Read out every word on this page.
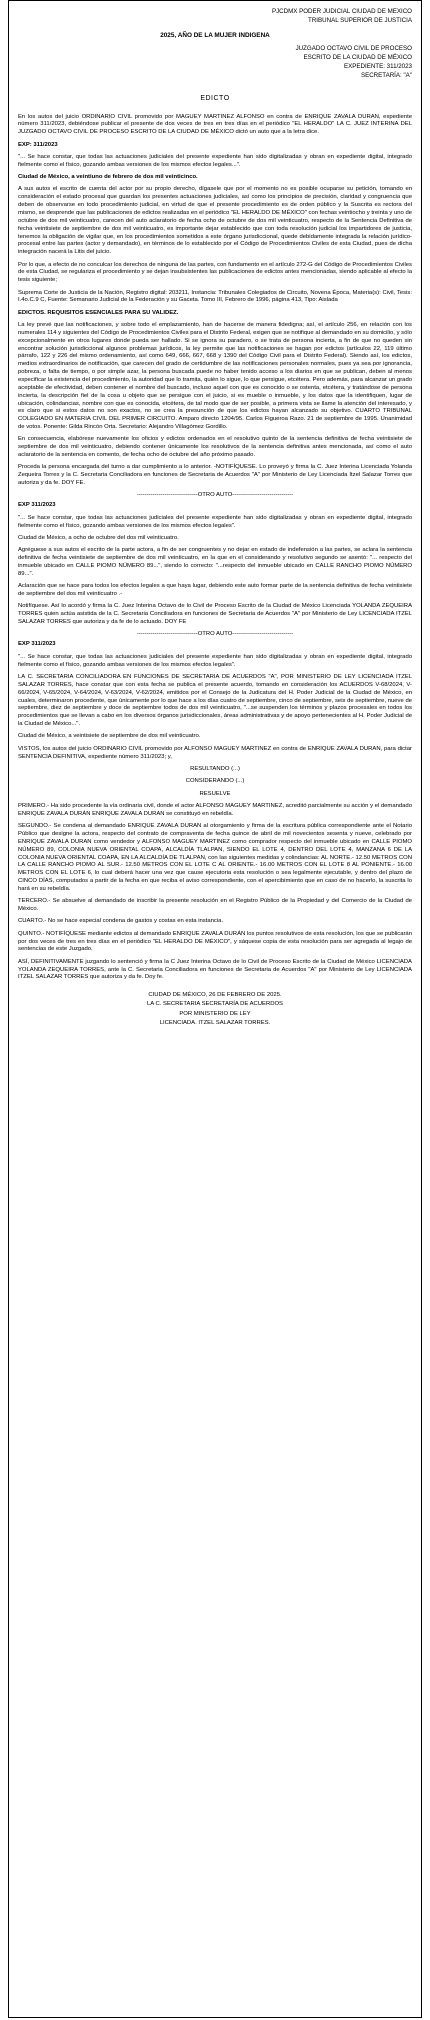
PJCDMX PODER JUDICIAL CIUDAD DE MEXICO
TRIBUNAL SUPERIOR DE JUSTICIA
2025, AÑO DE LA MUJER INDIGENA
JUZGADO OCTAVO CIVIL DE PROCESO
ESCRITO DE LA CIUDAD DE MÉXICO
EXPEDIENTE: 311/2023
SECRETARÍA: "A"
EDICTO

En los autos del juicio ORDINARIO CIVIL promovido por MAGUEY MARTINEZ ALFONSO en contra de ENRIQUE ZAVALA DURAN, expediente número 311/2023, debiéndose publicar el presente de dos veces de tres en tres días en el periódico "EL HERALDO" LA C. JUEZ INTERINA DEL JUZGADO OCTAVO CIVIL DE PROCESO ESCRITO DE LA CIUDAD DE MÉXICO dictó un auto que a la letra dice.

EXP: 311/2023

"... Se hace constar, que todas las actuaciones judiciales del presente expediente han sido digitalizadas y obran en expediente digital, integrado fielmente como el físico, gozando ambas versiones de los mismos efectos legales...".

Ciudad de México, a veintiuno de febrero de dos mil veinticinco.

A sus autos el escrito de cuenta del actor por su propio derecho, dígasele que por el momento no es posible ocuparse su petición, tomando en consideración el estado procesal que guardan los presentes actuaciones judiciales, así como los principios de precisión, claridad y congruencia que deben de observarse en todo procedimiento judicial, en virtud de que el presente procedimiento es de orden público y la Suscrita es rectora del mismo, se desprende que las publicaciones de edictos realizadas en el periódico "EL HERALDO DE MÉXICO" con fechas veintiocho y treinta y uno de octubre de dos mil veinticuatro, carecen del auto aclaratorio de fecha ocho de octubre de dos mil veinticuatro, respecto de la Sentencia Definitiva de fecha veintisiete de septiembre de dos mil veinticuatro, es importante dejar establecido que con toda resolución judicial los impartidores de justicia, tenemos la obligación de vigilar que, en los procedimientos sometidos a este órgano jurisdiccional, quede debidamente integrada la relación jurídico-procesal entre las partes (actor y demandado), en términos de lo establecido por el Código de Procedimientos Civiles de esta Ciudad, pues de dicha integración nacerá la Litis del juicio.

Por lo que, a efecto de no conculcar los derechos de ninguna de las partes, con fundamento en el artículo 272-G del Código de Procedimientos Civiles de esta Ciudad, se regulariza el procedimiento y se dejan insubsistentes las publicaciones de edictos antes mencionadas, siendo aplicable al efecto la tesis siguiente;

Suprema Corte de Justicia de la Nación, Registro digital: 203211, Instancia: Tribunales Colegiados de Circuito, Novena Época, Materia(s): Civil, Tesis: I.4o.C.9 C, Fuente: Semanario Judicial de la Federación y su Gaceta. Tomo III, Febrero de 1996, página 413, Tipo: Aislada

EDICTOS. REQUISITOS ESENCIALES PARA SU VALIDEZ.

La ley prevé que las notificaciones, y sobre todo el emplazamiento, han de hacerse de manera fidedigna; así, el artículo 256, en relación con los numerales 114 y siguientes del Código de Procedimientos Civiles para el Distrito Federal, exigen que se notifique al demandado en su domicilio, y sólo excepcionalmente en otros lugares donde pueda ser hallado. Si se ignora su paradero, o se trata de persona incierta, a fin de que no queden sin encontrar solución jurisdiccional algunos problemas jurídicos, la ley permite que las notificaciones se hagan por edictos (artículos 22, 119 último párrafo, 122 y 226 del mismo ordenamiento, así como 649, 666, 667, 668 y 1390 del Código Civil para el Distrito Federal). Siendo así, los edictos, medios extraordinarios de notificación, que carecen del grado de certidumbre de las notificaciones personales normales, pues ya sea por ignorancia, pobreza, o falta de tiempo, o por simple azar, la persona buscada puede no haber tenido acceso a los diarios en que se publican, deben al menos especificar la existencia del procedimiento, la autoridad que lo tramita, quién lo sigue, lo que persigue, etcétera. Pero además, para alcanzar un grado aceptable de efectividad, deben contener el nombre del buscado, incluso aquel con que es conocido o se ostenta, etcétera, y tratándose de persona incierta, la descripción fiel de la cosa u objeto que se persigue con el juicio, si es mueble o inmueble, y los datos que la identifiquen, lugar de ubicación, colindancias, nombre con que es conocida, etcétera, de tal modo que de ser posible, a primera vista se llame la atención del interesado, y es claro que si estos datos no son exactos, no se crea la presunción de que los edictos hayan alcanzado su objetivo. CUARTO TRIBUNAL COLEGIADO EN MATERIA CIVIL DEL PRIMER CIRCUITO. Amparo directo 1204/95. Carlos Figueroa Razo. 21 de septiembre de 1995. Unanimidad de votos. Ponente: Gilda Rincón Orta. Secretario: Alejandro Villagómez Gordillo.

En consecuencia, elabórese nuevamente los oficios y edictos ordenados en el resolutivo quinto de la sentencia definitiva de fecha veintisiete de septiembre de dos mil veinticuatro, debiendo contener únicamente los resolutivos de la sentencia definitiva antes mencionada, así como el auto aclaratorio de la sentencia en comento, de fecha ocho de octubre del año próximo pasado.

Proceda la persona encargada del turno a dar cumplimiento a lo anterior. -NOTIFÍQUESE. Lo proveyó y firma la C. Juez Interina Licenciada Yolanda Zequeira Torres y la C. Secretaria Conciliadora en funciones de Secretaria de Acuerdos "A" por Ministerio de Ley Licenciada Itzel Salazar Torres que autoriza y da fe. DOY FE.

-------------------------------OTRO AUTO-------------------------------

EXP 311/2023

"... Se hace constar, que todas las actuaciones judiciales del presente expediente han sido digitalizadas y obran en expediente digital, integrado fielmente como el físico, gozando ambas versiones de los mismos efectos legales".

Ciudad de México, a ocho de octubre del dos mil veinticuatro.

Agréguese a sus autos el escrito de la parte actora, a fin de ser congruentes y no dejar en estado de indefensión a las partes, se aclara la sentencia definitiva de fecha veintisiete de septiembre de dos mil veinticuatro, en la que en el considerando y resolutivo segundo se asentó: "... respecto del inmueble ubicado en CALLE PIOMO NÚMERO 89...", siendo lo correcto: "...respecto del inmueble ubicado en CALLE RANCHO PIOMO NÚMERO 89...".

Aclaración que se hace para todos los efectos legales a que haya lugar, debiendo este auto formar parte de la sentencia definitiva de fecha veintisiete de septiembre del dos mil veinticuatro .-

Notifíquese. Así lo acordó y firma la C. Juez Interina Octavo de lo Civil de Proceso Escrito de la Ciudad de México Licenciada YOLANDA ZEQUEIRA TORRES quien actúa asistida de la C. Secretaria Conciliadora en funciones de Secretaria de Acuerdos "A" por Ministerio de Ley LICENCIADA ITZEL SALAZAR TORRES que autoriza y da fe de lo actuado. DOY FE

-------------------------------OTRO AUTO-------------------------------

EXP 311/2023

"... Se hace constar, que todas las actuaciones judiciales del presente expediente han sido digitalizadas y obran en expediente digital, integrado fielmente como el físico, gozando ambas versiones de los mismos efectos legales".

LA C. SECRETARIA CONCILIADORA EN FUNCIONES DE SECRETARIA DE ACUERDOS "A", POR MINISTERIO DE LEY LICENCIADA ITZEL SALAZAR TORRES, hace constar que con esta fecha se publica el presente acuerdo, tomando en consideración los ACUERDOS V-68/2024, V-66/2024, V-65/2024, V-64/2024, V-63/2024, V-62/2024, emitidos por el Consejo de la Judicatura del H. Poder Judicial de la Ciudad de México, en cuales, determinaron procedente, que únicamente por lo que hace a los días cuatro de septiembre, cinco de septiembre, seis de septiembre, nueve de septiembre, diez de septiembre y doce de septiembre todos de dos mil veinticuatro, "...se suspenden los términos y plazos procesales en todos los procedimientos que se llevan a cabo en los diversos órganos jurisdiccionales, áreas administrativas y de apoyo pertenecientes al H. Poder Judicial de la Ciudad de México...".

Ciudad de México, a veintisiete de septiembre de dos mil veinticuatro.

VISTOS, los autos del juicio ORDINARIO CIVIL promovido por ALFONSO MAGUEY MARTINEZ en contra de ENRIQUE ZAVALA DURAN, para dictar SENTENCIA DEFINITIVA, expediente número 311/2023; y,

RESULTANDO (...)

CONSIDERANDO (...)

RESUELVE

PRIMERO.- Ha sido procedente la vía ordinaria civil, donde el actor ALFONSO MAGUEY MARTINEZ, acreditó parcialmente su acción y el demandado ENRIQUE ZAVALA DURÁN ENRIQUE ZAVALA DURAN se constituyó en rebeldía.

SEGUNDO.- Se condena al demandado ENRIQUE ZAVALA DURAN al otorgamiento y firma de la escritura pública correspondiente ante el Notario Público que designe la actora, respecto del contrato de compraventa de fecha quince de abril de mil novecientos sesenta y nueve, celebrado por ENRIQUE ZAVALA DURAN como vendedor y ALFONSO MAGUEY MARTINEZ como comprador respecto del inmueble ubicado en CALLE PIOMO NÚMERO 89, COLONIA NUEVA ORIENTAL COAPA, ALCALDÍA TLALPAN, SIENDO EL LOTE 4, DENTRO DEL LOTE 4, MANZANA 6 DE LA COLONIA NUEVA ORIENTAL COAPA, EN LA ALCALDÍA DE TLALPAN, con las siguientes medidas y colindancias: AL NORTE.- 12.50 METROS CON LA CALLE RANCHO PIOMO AL SUR.- 12.50 METROS CON EL LOTE C AL ORIENTE.- 16.00 METROS CON EL LOTE 8 AL PONIENTE.- 16.00 METROS CON EL LOTE 6, lo cual deberá hacer una vez que cause ejecutoria esta resolución o sea legalmente ejecutable, y dentro del plazo de CINCO DÍAS, computados a partir de la fecha en que reciba el aviso correspondiente, con el apercibimiento que en caso de no hacerlo, la suscrita lo hará en su rebeldía.

TERCERO.- Se absuelve al demandado de inscribir la presente resolución en el Registro Público de la Propiedad y del Comercio de la Ciudad de México.

CUARTO.- No se hace especial condena de gastos y costas en esta instancia.

QUINTO.- NOTIFÍQUESE mediante edictos al demandado ENRIQUE ZAVALA DURÁN los puntos resolutivos de esta resolución, los que se publicarán por dos veces de tres en tres días en el periódico "EL HERALDO DE MÉXICO", y sáquese copia de esta resolución para ser agregada al legajo de sentencias de este Juzgado.

ASÍ, DEFINITIVAMENTE juzgando lo sentenció y firma la C Juez Interina Octavo de lo Civil de Proceso Escrito de la Ciudad de México LICENCIADA YOLANDA ZEQUEIRA TORRES, ante la C. Secretaria Conciliadora en funciones de Secretaria de Acuerdos "A" por Ministerio de Ley LICENCIADA ITZEL SALAZAR TORRES que autoriza y da fe. Doy fe.

CIUDAD DE MÉXICO, 26 DE FEBRERO DE 2025.

LA C. SECRETARIA SECRETARÍA DE ACUERDOS

POR MINISTERIO DE LEY

LICENCIADA. ITZEL SALAZAR TORRES.
